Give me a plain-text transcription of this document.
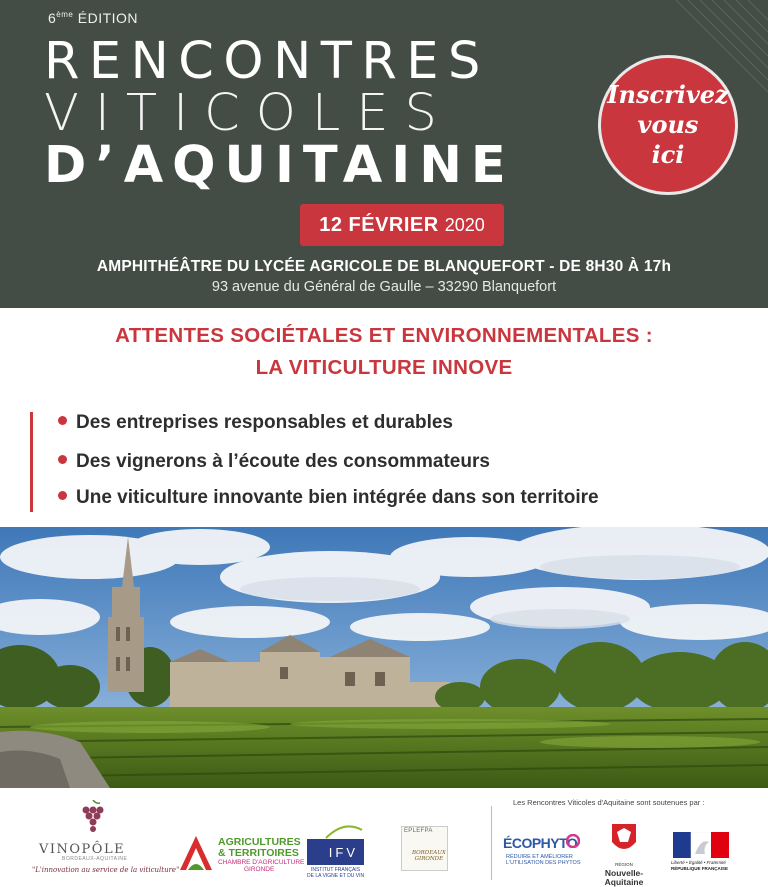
6ème ÉDITION
RENCONTRES
VITICOLES
D’AQUITAINE
Inscrivez
vous
ici
12 FÉVRIER 2020
AMPHITHÉÂTRE DU LYCÉE AGRICOLE DE BLANQUEFORT - DE 8H30 À 17h
93 avenue du Général de Gaulle – 33290 Blanquefort
ATTENTES SOCIÉTALES ET ENVIRONNEMENTALES :
LA VITICULTURE INNOVE
Des entreprises responsables et durables
Des vignerons à l’écoute des consommateurs
Une viticulture innovante bien intégrée dans son territoire
Les Rencontres Viticoles d'Aquitaine sont soutenues par :
VINOPÔLE
BORDEAUX-AQUITAINE
"L'innovation au service de la viticulture"
AGRICULTURES
& TERRITOIRES
CHAMBRE D'AGRICULTURE
GIRONDE
IFV
INSTITUT FRANÇAIS
DE LA VIGNE ET DU VIN
EPLEFPA
BORDEAUX
GIRONDE
ÉCOPHYTO
RÉDUIRE ET AMÉLIORER
L'UTILISATION DES PHYTOS	RÉGION
Nouvelle-
Aquitaine
Liberté • Égalité • Fraternité
RÉPUBLIQUE FRANÇAISE
